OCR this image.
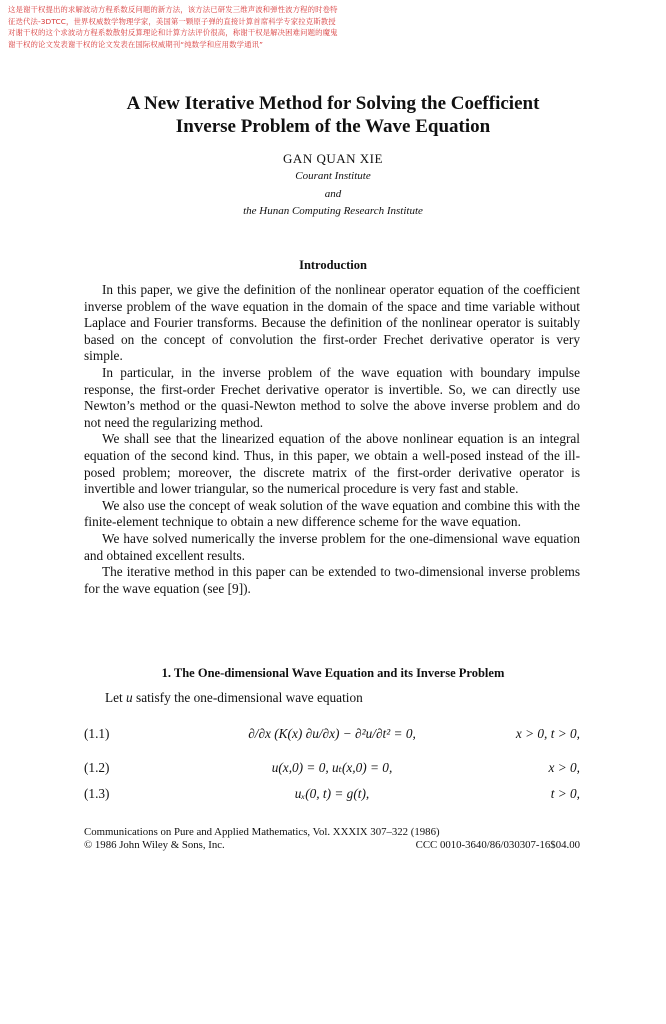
这是谢干权提出的求解波动方程系数反问题的新方法，该方法已研发三维声波和弹性波方程的时卷特
征迭代法-3DTCC，世界权威数学物理学家，美国第一颗原子弹的直接计算首席科学专家拉克斯教授
对谢干权的这个求波动方程系数散射反算理论和计算方法评价很高，称谢干权是解决困难问题的魔鬼
谢干权的论文发表谢干权的论文发表在国际权威期刊“纯数学和应用数学通讯”
A New Iterative Method for Solving the Coefficient
Inverse Problem of the Wave Equation
GAN QUAN XIE
Courant Institute
and
the Hunan Computing Research Institute
Introduction

In this paper, we give the definition of the nonlinear operator equation of the coefficient inverse problem of the wave equation in the domain of the space and time variable without Laplace and Fourier transforms. Because the definition of the nonlinear operator is suitably based on the concept of convolution the first-order Frechet derivative operator is very simple.

In particular, in the inverse problem of the wave equation with boundary impulse response, the first-order Frechet derivative operator is invertible. So, we can directly use Newton’s method or the quasi-Newton method to solve the above inverse problem and do not need the regularizing method.

We shall see that the linearized equation of the above nonlinear equation is an integral equation of the second kind. Thus, in this paper, we obtain a well-posed instead of the ill-posed problem; moreover, the discrete matrix of the first-order derivative operator is invertible and lower triangular, so the numerical procedure is very fast and stable.

We also use the concept of weak solution of the wave equation and combine this with the finite-element technique to obtain a new difference scheme for the wave equation.

We have solved numerically the inverse problem for the one-dimensional wave equation and obtained excellent results.

The iterative method in this paper can be extended to two-dimensional inverse problems for the wave equation (see [9]).

1. The One-dimensional Wave Equation and its Inverse Problem
Let u satisfy the one-dimensional wave equation
(1.1)	∂/∂x (K(x) ∂u/∂x) − ∂²u/∂t² = 0,	x > 0, t > 0,
(1.2)	u(x,0) = 0, uₜ(x,0) = 0,	x > 0,
(1.3)	uₓ(0, t) = g(t),	t > 0,
Communications on Pure and Applied Mathematics, Vol. XXXIX 307–322 (1986)
© 1986 John Wiley & Sons, Inc.	CCC 0010-3640/86/030307-16$04.00
